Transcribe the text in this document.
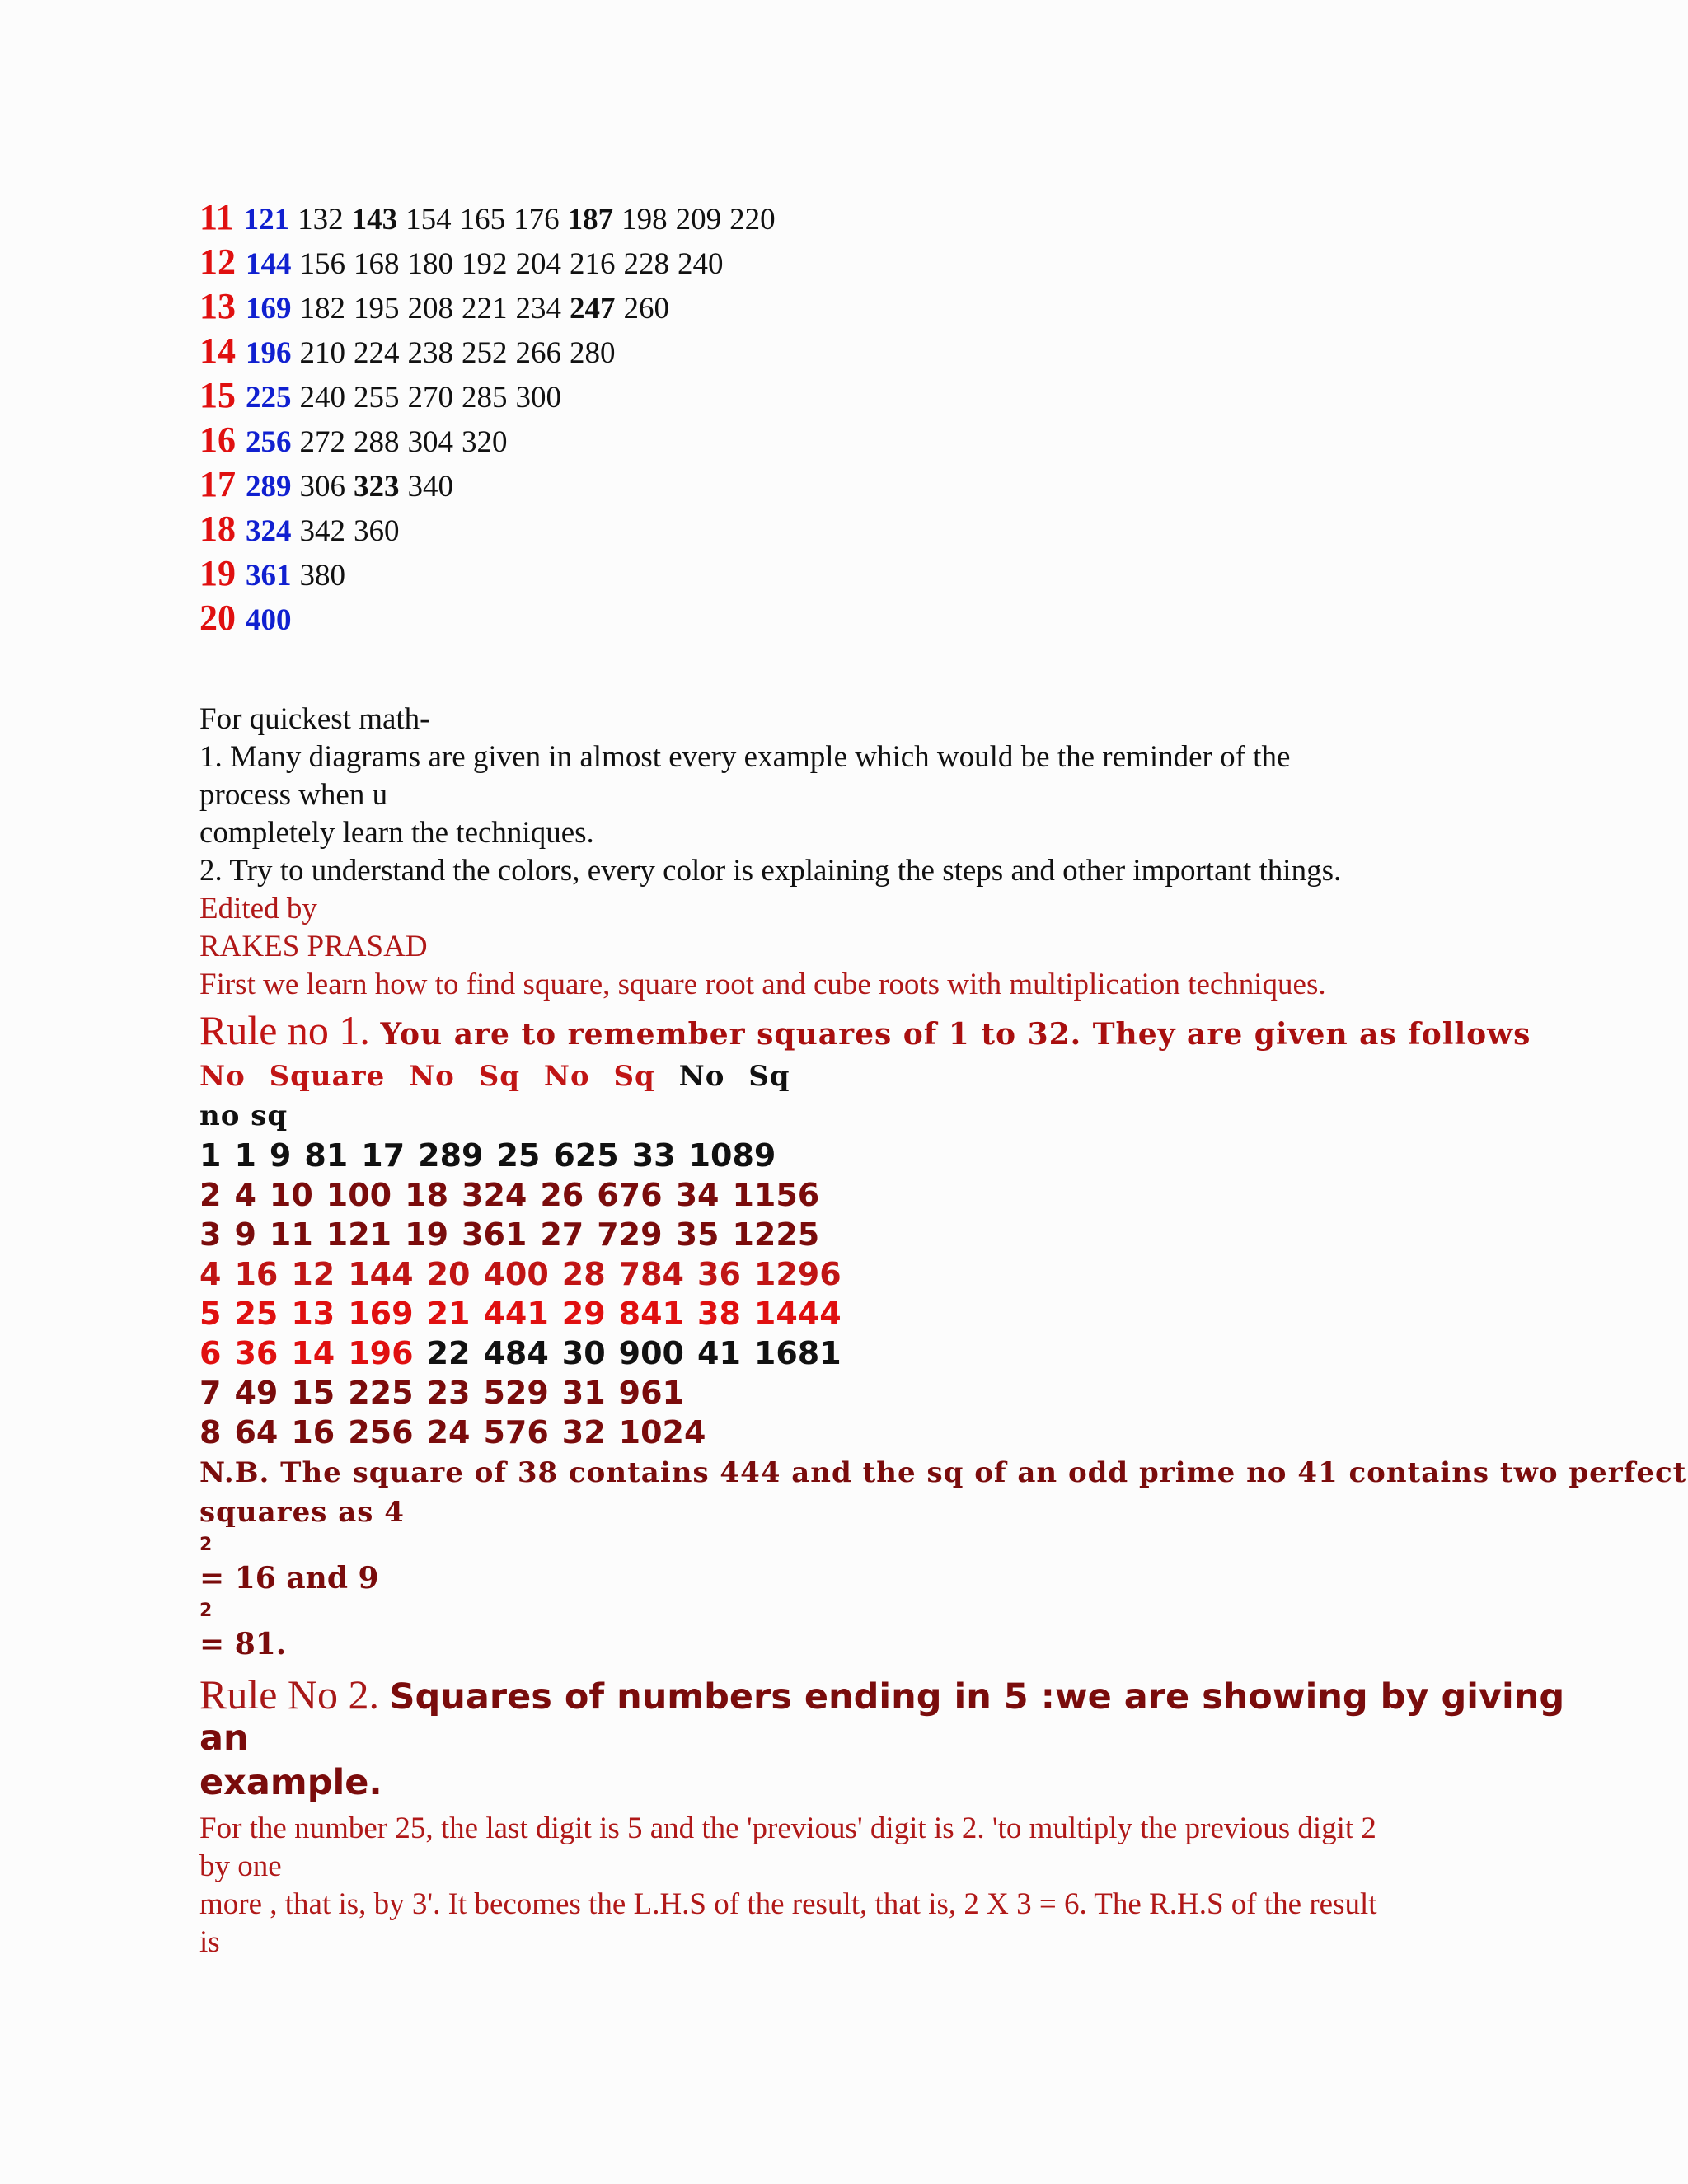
11 121 132 143 154 165 176 187 198 209 220
12 144 156 168 180 192 204 216 228 240
13 169 182 195 208 221 234 247 260
14 196 210 224 238 252 266 280
15 225 240 255 270 285 300
16 256 272 288 304 320
17 289 306 323 340
18 324 342 360
19 361 380
20 400
For quickest math-
1. Many diagrams are given in almost every example which would be the reminder of the
process when u
completely learn the techniques.
2. Try to understand the colors, every color is explaining the steps and other important things.
Edited by
RAKES PRASAD
First we learn how to find square, square root and cube roots with multiplication techniques.
Rule no 1. You are to remember squares of 1 to 32. They are given as follows
No Square No Sq No Sq No Sq
no sq
1 1 9 81 17 289 25 625 33 1089
2 4 10 100 18 324 26 676 34 1156
3 9 11 121 19 361 27 729 35 1225
4 16 12 144 20 400 28 784 36 1296
5 25 13 169 21 441 29 841 38 1444
6 36 14 196 22 484 30 900 41 1681
7 49 15 225 23 529 31 961
8 64 16 256 24 576 32 1024
N.B. The square of 38 contains 444 and the sq of an odd prime no 41 contains two perfect
squares as 4
2
= 16 and 9
2
= 81.
Rule No 2. Squares of numbers ending in 5 :we are showing by giving
an
example.
For the number 25, the last digit is 5 and the 'previous' digit is 2. 'to multiply the previous digit 2
by one
more , that is, by 3'. It becomes the L.H.S of the result, that is, 2 X 3 = 6. The R.H.S of the result
is
